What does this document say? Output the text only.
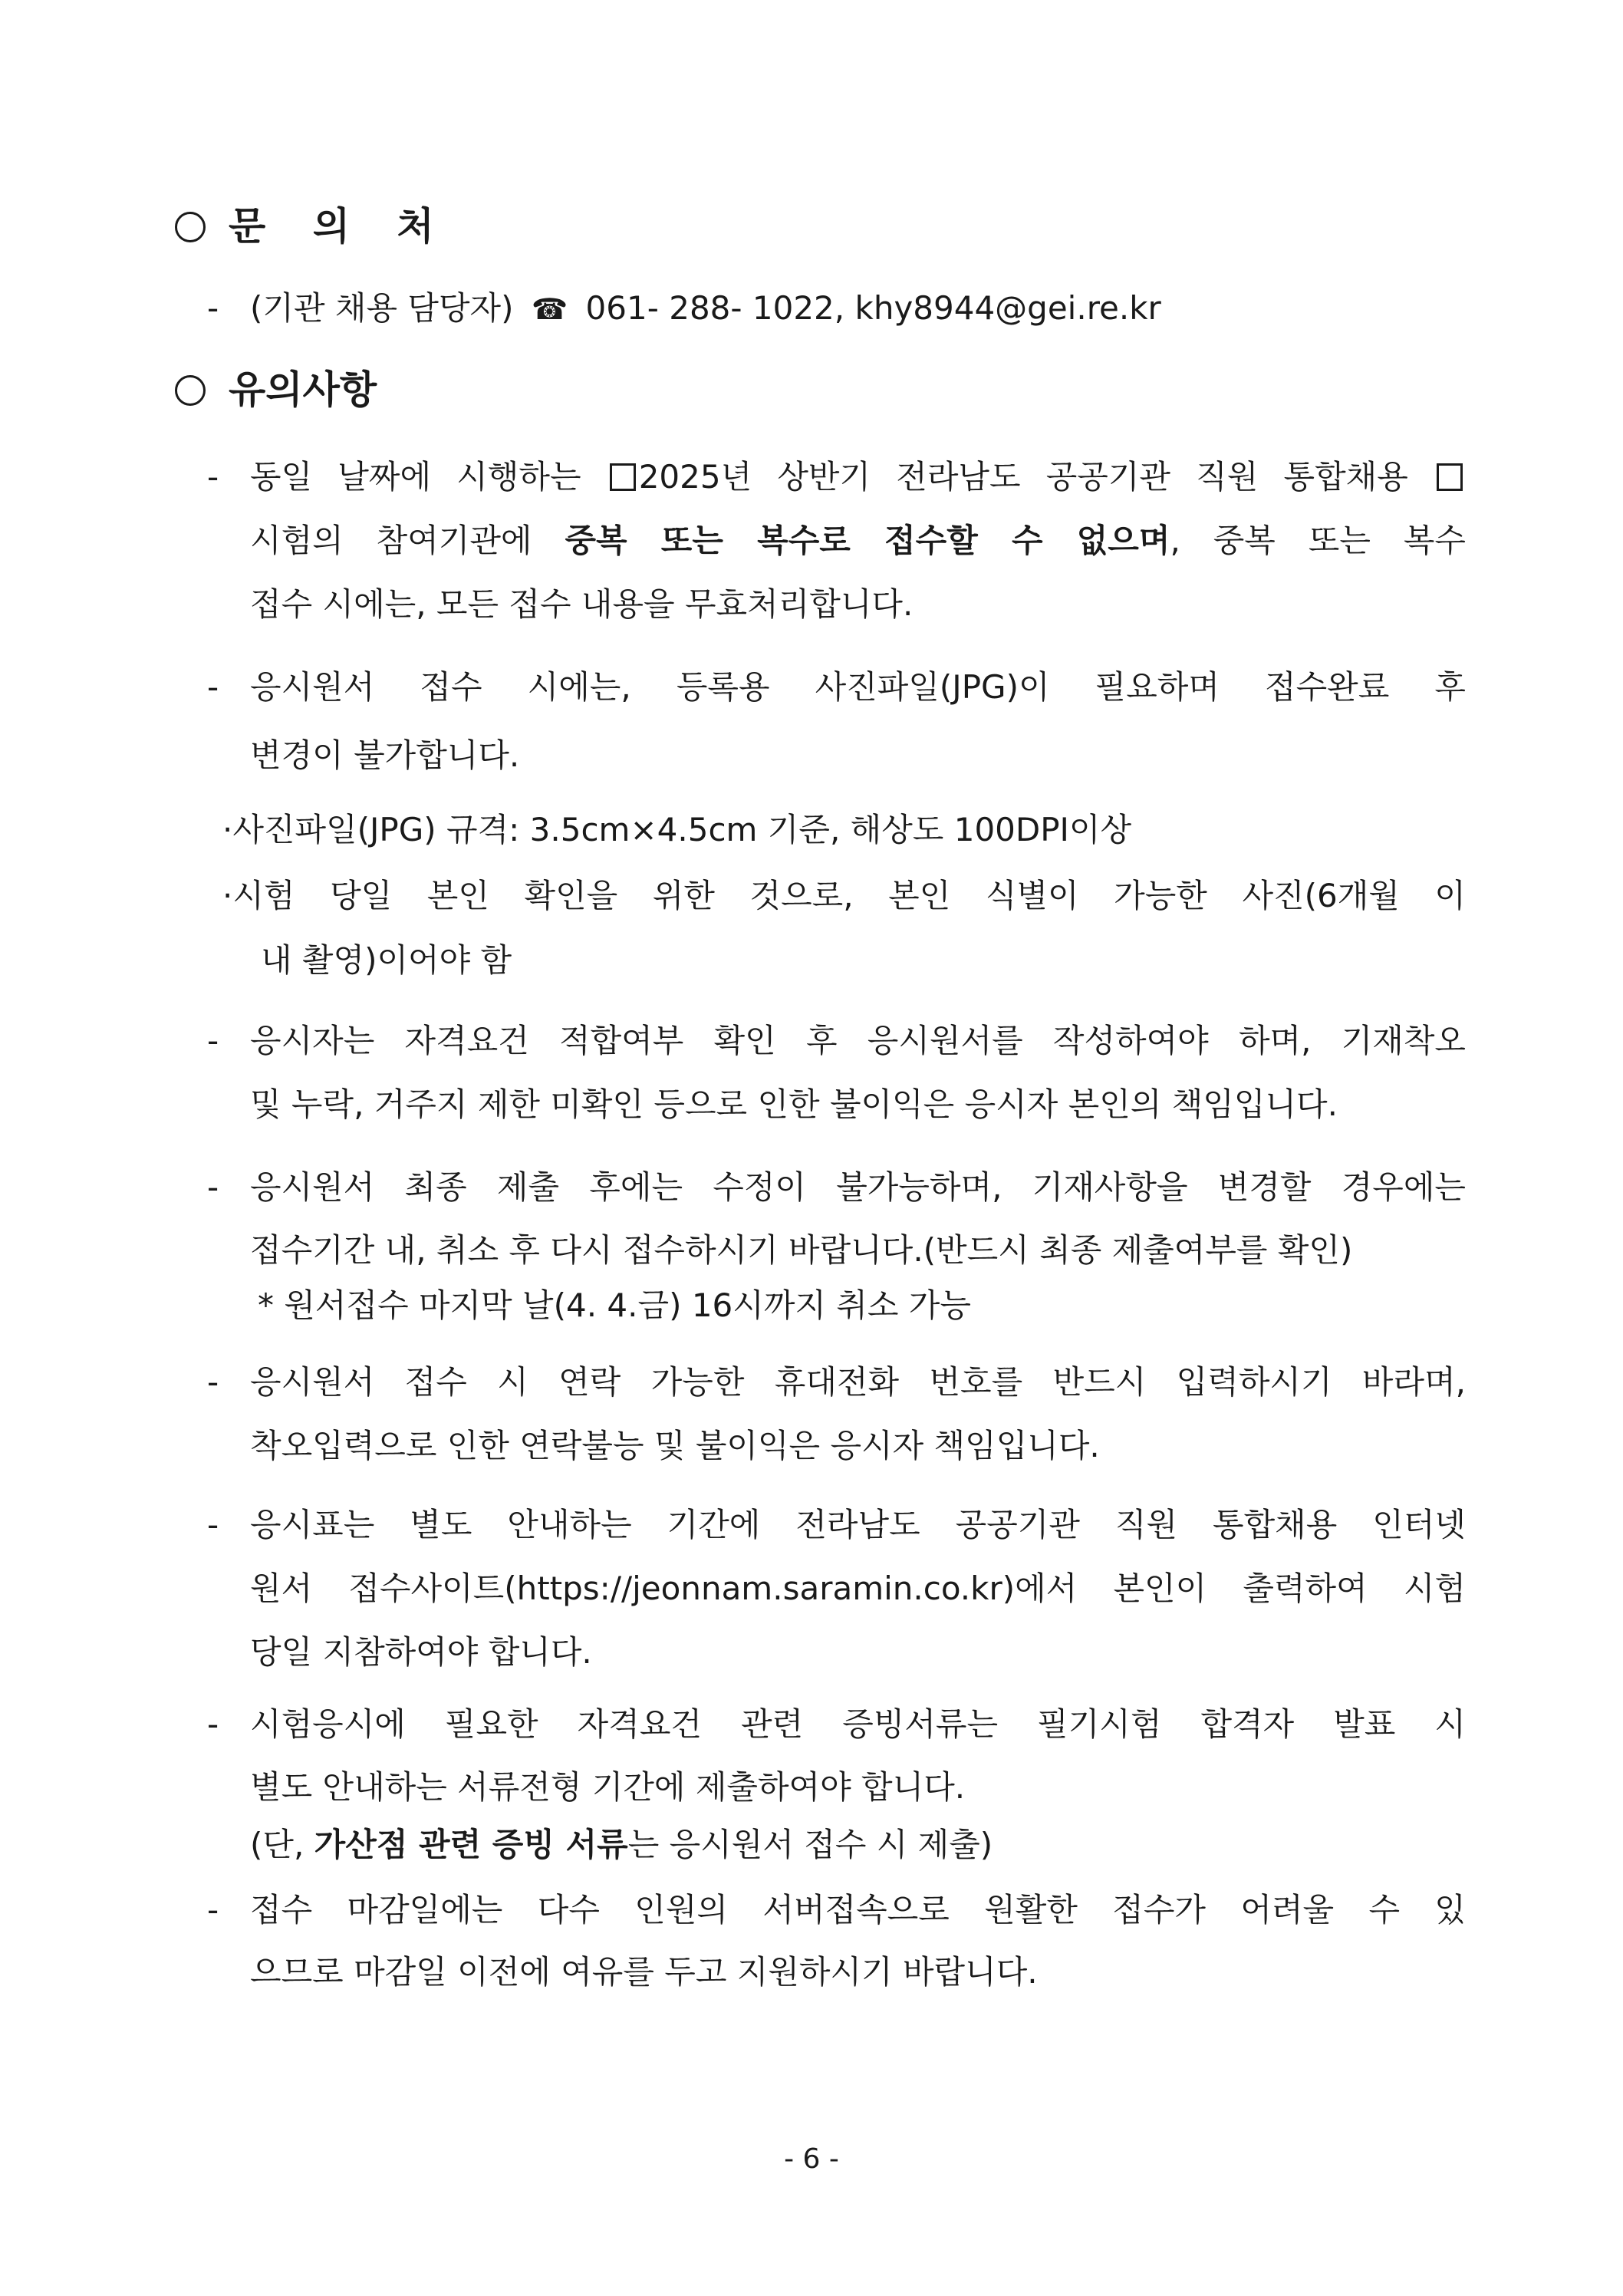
문 의 처
- (기관 채용 담당자) ☎ 061- 288- 1022, khy8944@gei.re.kr
유의사항
- 동일 날짜에 시행하는 2025년 상반기 전라남도 공공기관 직원 통합채용
시험의 참여기관에 중복 또는 복수로 접수할 수 없으며, 중복 또는 복수
접수 시에는, 모든 접수 내용을 무효처리합니다.
- 응시원서 접수 시에는, 등록용 사진파일(JPG)이 필요하며 접수완료 후
변경이 불가합니다.
·사진파일(JPG) 규격: 3.5cm×4.5cm 기준, 해상도 100DPI이상
·시험 당일 본인 확인을 위한 것으로, 본인 식별이 가능한 사진(6개월 이
내 촬영)이어야 함
- 응시자는 자격요건 적합여부 확인 후 응시원서를 작성하여야 하며, 기재착오
및 누락, 거주지 제한 미확인 등으로 인한 불이익은 응시자 본인의 책임입니다.
- 응시원서 최종 제출 후에는 수정이 불가능하며, 기재사항을 변경할 경우에는
접수기간 내, 취소 후 다시 접수하시기 바랍니다.(반드시 최종 제출여부를 확인)
* 원서접수 마지막 날(4. 4.금) 16시까지 취소 가능
- 응시원서 접수 시 연락 가능한 휴대전화 번호를 반드시 입력하시기 바라며,
착오입력으로 인한 연락불능 및 불이익은 응시자 책임입니다.
- 응시표는 별도 안내하는 기간에 전라남도 공공기관 직원 통합채용 인터넷
원서 접수사이트(https://jeonnam.saramin.co.kr)에서 본인이 출력하여 시험
당일 지참하여야 합니다.
- 시험응시에 필요한 자격요건 관련 증빙서류는 필기시험 합격자 발표 시
별도 안내하는 서류전형 기간에 제출하여야 합니다.
(단, 가산점 관련 증빙 서류는 응시원서 접수 시 제출)
- 접수 마감일에는 다수 인원의 서버접속으로 원활한 접수가 어려울 수 있
으므로 마감일 이전에 여유를 두고 지원하시기 바랍니다.
- 6 -
